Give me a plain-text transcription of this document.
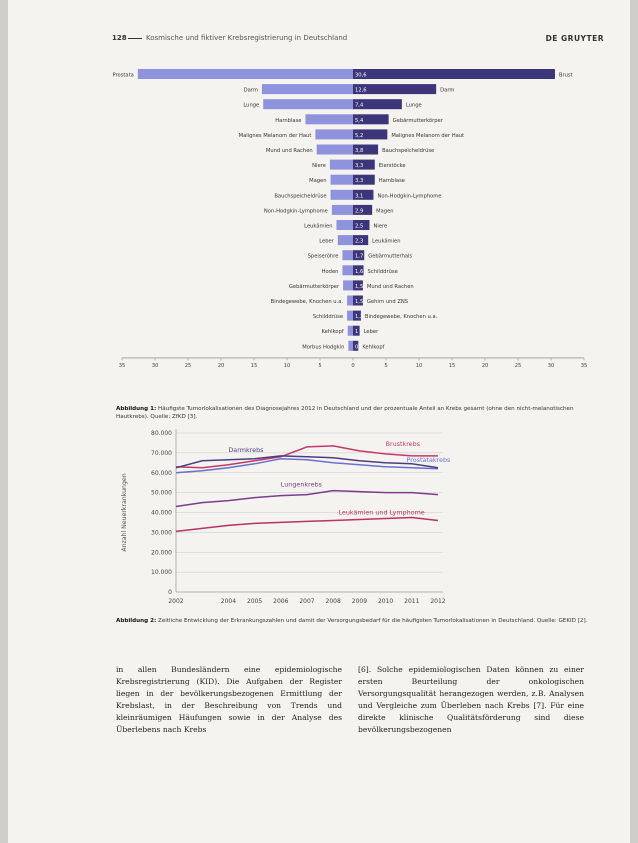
128	Kosmische und fiktiver Krebsregistrierung in Deutschland	DE GRUYTER
Prostata
Darm
Lunge
Harnblase
Malignes Melanom der Haut
Mund und Rachen
Niere
Magen
Bauchspeicheldrüse
Non-Hodgkin-Lymphome
Leukämien
Leber
Speiseröhre
Hoden
Gebärmutterkörper
Bindegewebe, Knochen u.a.
Schilddrüse
Kehlkopf
Morbus Hodgkin
Brust
30,6
Darm
12,6
Lunge
7,4
Gebärmutterkörper
5,4
Malignes Melanom der Haut
5,2
Bauchspeicheldrüse
3,8
Eierstöcke
3,3
Harnblase
3,3
Non-Hodgkin-Lymphome
3,1
Magen
2,9
Niere
2,5
Leukämien
2,3
Gebärmutterhals
1,7
Schilddrüse
1,6
Mund und Rachen
1,5
Gehirn und ZNS
1,5
Bindegewebe, Knochen u.a.
1,2
Leber
1
Kehlkopf
0,8
35	30	25	20	15	10	5	0	5	10	15	20	25	30	35
Abbildung 1: Häufigste Tumorlokalisationen des Diagnosejahres 2012 in Deutschland und der prozentuale Anteil an Krebs gesamt (ohne den nicht-melanotischen Hautkrebs). Quelle: ZfKD [3].
0
10.000
20.000
30.000
40.000
50.000
60.000
70.000
80.000
Anzahl Neuerkrankungen
2002	2004 2005 2006 2007 2008 2009 2010 2011 2012
Darmkrebs
Brustkrebs
Prostatakrebs
Lungenkrebs
Leukämien und Lymphome
Abbildung 2: Zeitliche Entwicklung der Erkrankungszahlen und damit der Versorgungsbedarf für die häufigsten Tumorlokalisationen in Deutschland. Quelle: GEKID [2].
in allen Bundesländern eine epidemiologische Krebsregistrierung (KID). Die Aufgaben der Register liegen in der bevölkerungsbezogenen Ermittlung der Krebslast, in der Beschreibung von Trends und kleinräumigen Häufungen sowie in der Analyse des Überlebens nach Krebs
[6]. Solche epidemiologischen Daten können zu einer ersten Beurteilung der onkologischen Versorgungsqualität herangezogen werden, z.B. Analysen und Vergleiche zum Überleben nach Krebs [7]. Für eine direkte klinische Qualitätsförderung sind diese bevölkerungsbezogenen
